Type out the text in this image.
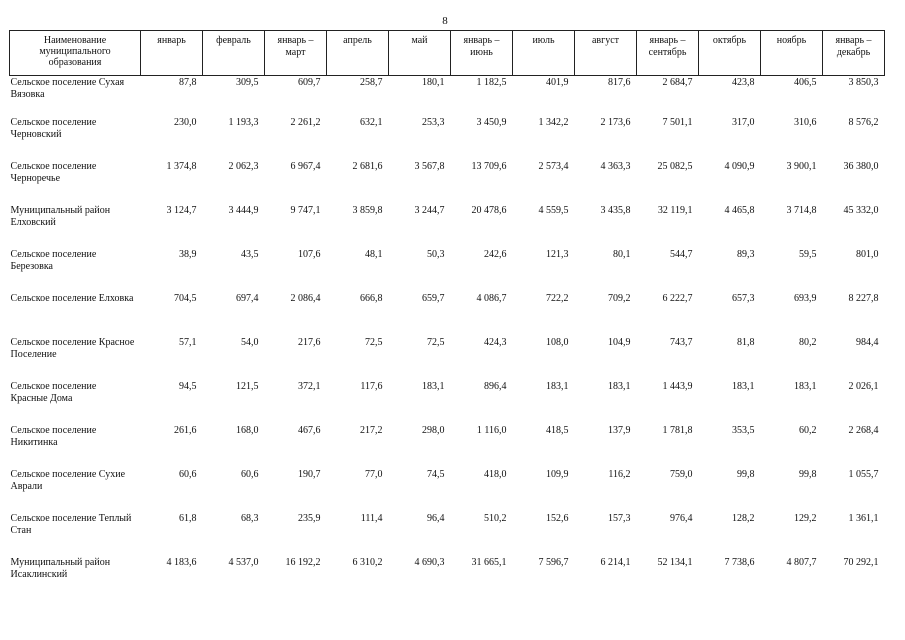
8
Наименование муниципального образования	январь	февраль	январь – март	апрель	май	январь – июнь	июль	август	январь – сентябрь	октябрь	ноябрь	январь – декабрь
Сельское поселение Сухая Вязовка	87,8	309,5	609,7	258,7	180,1	1 182,5	401,9	817,6	2 684,7	423,8	406,5	3 850,3
Сельское поселение Черновский	230,0	1 193,3	2 261,2	632,1	253,3	3 450,9	1 342,2	2 173,6	7 501,1	317,0	310,6	8 576,2
Сельское поселение Черноречье	1 374,8	2 062,3	6 967,4	2 681,6	3 567,8	13 709,6	2 573,4	4 363,3	25 082,5	4 090,9	3 900,1	36 380,0
Муниципальный район Елховский	3 124,7	3 444,9	9 747,1	3 859,8	3 244,7	20 478,6	4 559,5	3 435,8	32 119,1	4 465,8	3 714,8	45 332,0
Сельское поселение Березовка	38,9	43,5	107,6	48,1	50,3	242,6	121,3	80,1	544,7	89,3	59,5	801,0
Сельское поселение Елховка	704,5	697,4	2 086,4	666,8	659,7	4 086,7	722,2	709,2	6 222,7	657,3	693,9	8 227,8
Сельское поселение Красное Поселение	57,1	54,0	217,6	72,5	72,5	424,3	108,0	104,9	743,7	81,8	80,2	984,4
Сельское поселение Красные Дома	94,5	121,5	372,1	117,6	183,1	896,4	183,1	183,1	1 443,9	183,1	183,1	2 026,1
Сельское поселение Никитинка	261,6	168,0	467,6	217,2	298,0	1 116,0	418,5	137,9	1 781,8	353,5	60,2	2 268,4
Сельское поселение Сухие Аврали	60,6	60,6	190,7	77,0	74,5	418,0	109,9	116,2	759,0	99,8	99,8	1 055,7
Сельское поселение Теплый Стан	61,8	68,3	235,9	111,4	96,4	510,2	152,6	157,3	976,4	128,2	129,2	1 361,1
Муниципальный район Исаклинский	4 183,6	4 537,0	16 192,2	6 310,2	4 690,3	31 665,1	7 596,7	6 214,1	52 134,1	7 738,6	4 807,7	70 292,1
